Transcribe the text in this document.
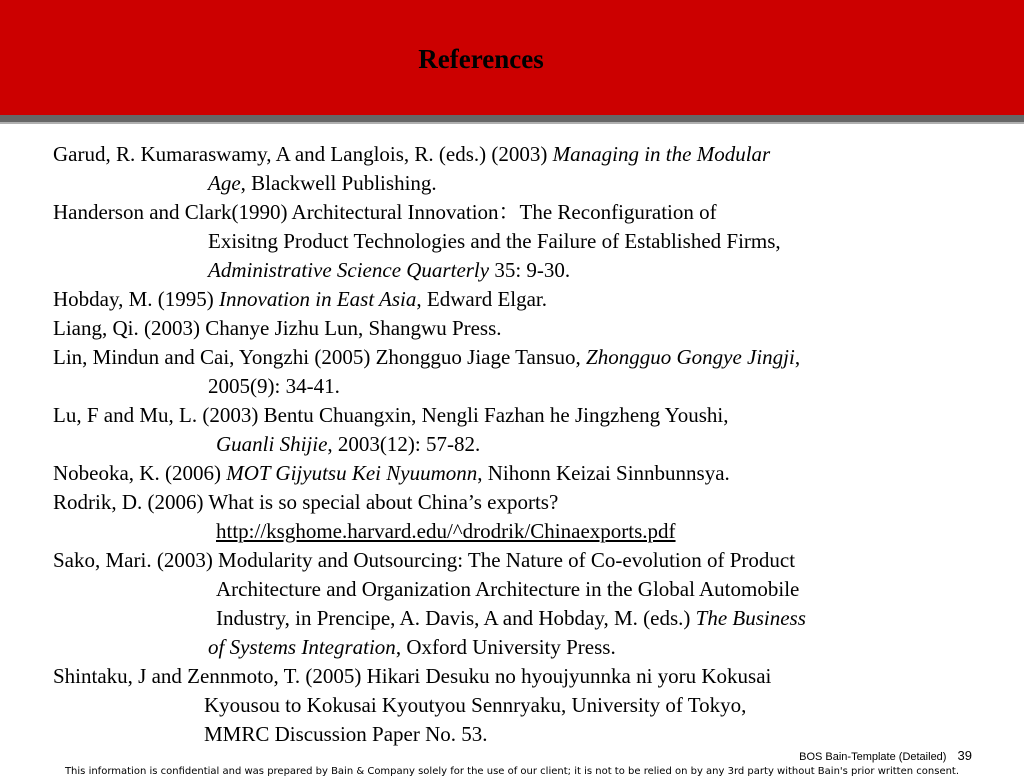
References
Garud, R. Kumaraswamy, A and Langlois, R. (eds.) (2003) Managing in the Modular
Age, Blackwell Publishing.
Handerson and Clark(1990) Architectural Innovation：The Reconfiguration of
Exisitng Product Technologies and the Failure of Established Firms,
Administrative Science Quarterly 35: 9-30.
Hobday, M. (1995) Innovation in East Asia, Edward Elgar.
Liang, Qi. (2003) Chanye Jizhu Lun, Shangwu Press.
Lin, Mindun and Cai, Yongzhi (2005) Zhongguo Jiage Tansuo, Zhongguo Gongye Jingji,
2005(9): 34-41.
Lu, F and Mu, L. (2003) Bentu Chuangxin, Nengli Fazhan he Jingzheng Youshi,
Guanli Shijie, 2003(12): 57-82.
Nobeoka, K. (2006) MOT Gijyutsu Kei Nyuumonn, Nihonn Keizai Sinnbunnsya.
Rodrik, D. (2006) What is so special about China’s exports?
http://ksghome.harvard.edu/^drodrik/Chinaexports.pdf
Sako, Mari. (2003) Modularity and Outsourcing: The Nature of Co-evolution of Product
Architecture and Organization Architecture in the Global Automobile
Industry, in Prencipe, A. Davis, A and Hobday, M. (eds.) The Business
of Systems Integration, Oxford University Press.
Shintaku, J and Zennmoto, T. (2005) Hikari Desuku no hyoujyunnka ni yoru Kokusai
Kyousou to Kokusai Kyoutyou Sennryaku, University of Tokyo,
MMRC Discussion Paper No. 53.
BOS Bain-Template (Detailed) 39
This information is confidential and was prepared by Bain & Company solely for the use of our client; it is not to be relied on by any 3rd party without Bain's prior written consent.
